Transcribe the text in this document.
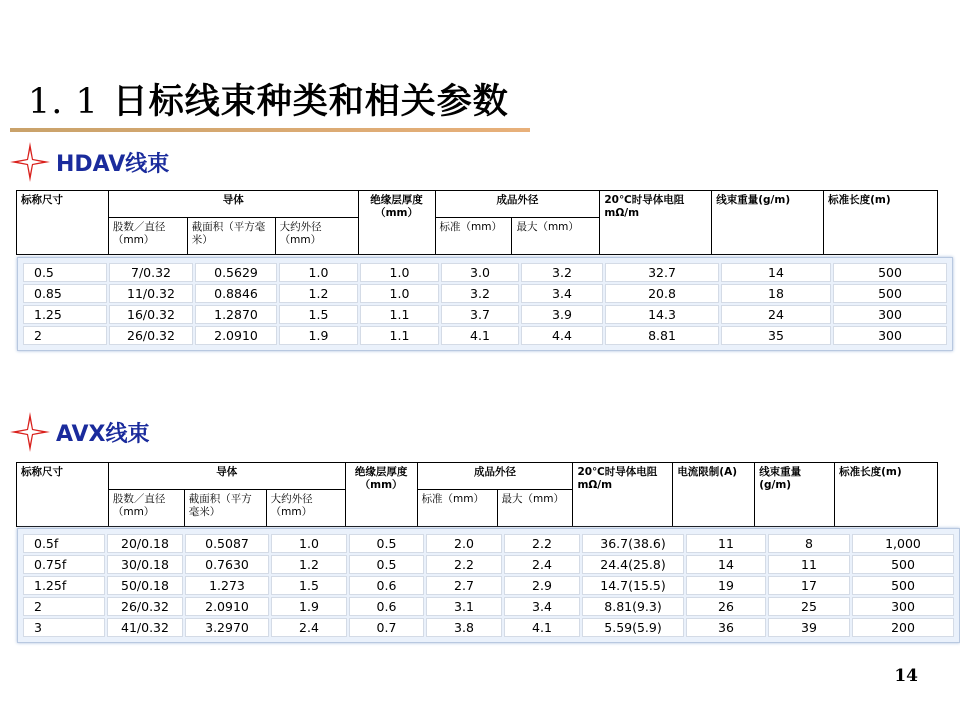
1. 1 日标线束种类和相关参数
HDAV线束
标称尺寸	导体			绝缘层厚度（mm）	成品外径		20℃时导体电阻 mΩ/m	线束重量(g/m)	标准长度(m)
	股数／直径（mm）	截面积（平方毫米）	大约外径（mm）		标准（mm）	最大（mm）			
0.5	7/0.32	0.5629	1.0	1.0	3.0	3.2	32.7	14	500
0.85	11/0.32	0.8846	1.2	1.0	3.2	3.4	20.8	18	500
1.25	16/0.32	1.2870	1.5	1.1	3.7	3.9	14.3	24	300
2	26/0.32	2.0910	1.9	1.1	4.1	4.4	8.81	35	300
AVX线束
标称尺寸	导体			绝缘层厚度（mm）	成品外径		20℃时导体电阻 mΩ/m	电流限制(A)	线束重量(g/m)	标准长度(m)
	股数／直径（mm）	截面积（平方毫米）	大约外径（mm）		标准（mm）	最大（mm）				
0.5f	20/0.18	0.5087	1.0	0.5	2.0	2.2	36.7(38.6)	11	8	1,000
0.75f	30/0.18	0.7630	1.2	0.5	2.2	2.4	24.4(25.8)	14	11	500
1.25f	50/0.18	1.273	1.5	0.6	2.7	2.9	14.7(15.5)	19	17	500
2	26/0.32	2.0910	1.9	0.6	3.1	3.4	8.81(9.3)	26	25	300
3	41/0.32	3.2970	2.4	0.7	3.8	4.1	5.59(5.9)	36	39	200
14
